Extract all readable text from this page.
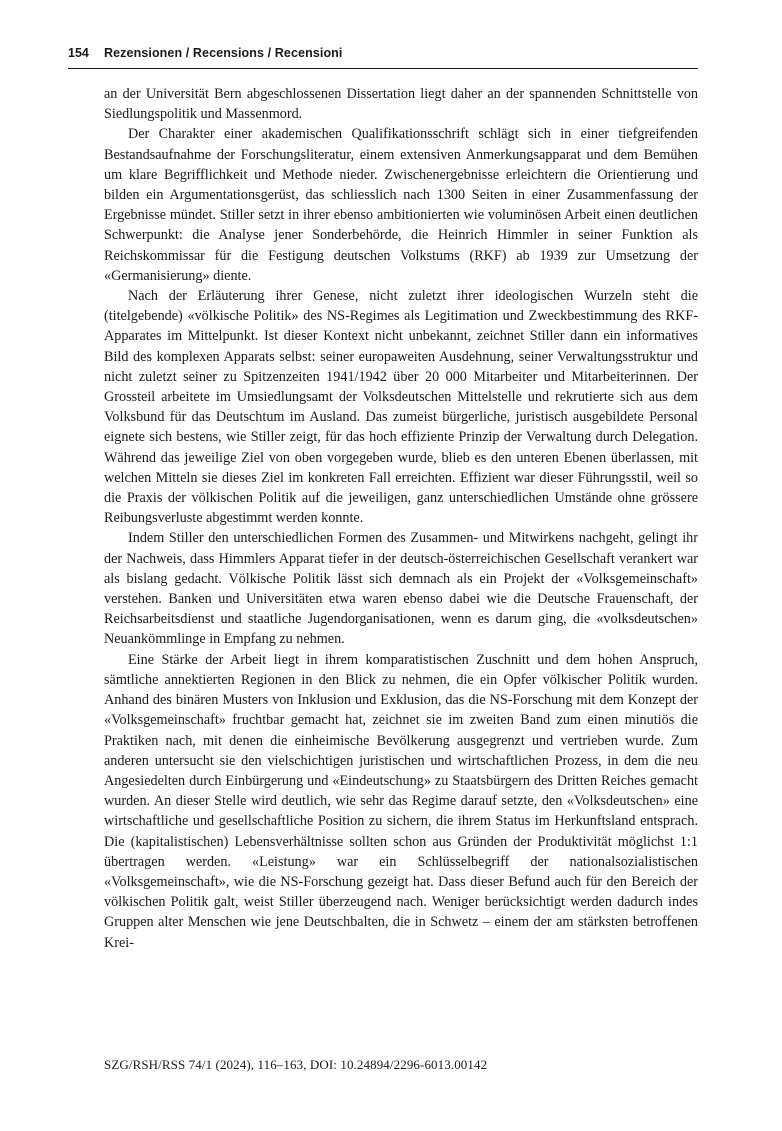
154	Rezensionen / Recensions / Recensioni

an der Universität Bern abgeschlossenen Dissertation liegt daher an der spannenden Schnittstelle von Siedlungspolitik und Massenmord.

Der Charakter einer akademischen Qualifikationsschrift schlägt sich in einer tiefgreifenden Bestandsaufnahme der Forschungsliteratur, einem extensiven Anmerkungsapparat und dem Bemühen um klare Begrifflichkeit und Methode nieder. Zwischenergebnisse erleichtern die Orientierung und bilden ein Argumentationsgerüst, das schliesslich nach 1300 Seiten in einer Zusammenfassung der Ergebnisse mündet. Stiller setzt in ihrer ebenso ambitionierten wie voluminösen Arbeit einen deutlichen Schwerpunkt: die Analyse jener Sonderbehörde, die Heinrich Himmler in seiner Funktion als Reichskommissar für die Festigung deutschen Volkstums (RKF) ab 1939 zur Umsetzung der «Germanisierung» diente.

Nach der Erläuterung ihrer Genese, nicht zuletzt ihrer ideologischen Wurzeln steht die (titelgebende) «völkische Politik» des NS-Regimes als Legitimation und Zweckbestimmung des RKF-Apparates im Mittelpunkt. Ist dieser Kontext nicht unbekannt, zeichnet Stiller dann ein informatives Bild des komplexen Apparats selbst: seiner europaweiten Ausdehnung, seiner Verwaltungsstruktur und nicht zuletzt seiner zu Spitzenzeiten 1941/1942 über 20 000 Mitarbeiter und Mitarbeiterinnen. Der Grossteil arbeitete im Umsiedlungsamt der Volksdeutschen Mittelstelle und rekrutierte sich aus dem Volksbund für das Deutschtum im Ausland. Das zumeist bürgerliche, juristisch ausgebildete Personal eignete sich bestens, wie Stiller zeigt, für das hoch effiziente Prinzip der Verwaltung durch Delegation. Während das jeweilige Ziel von oben vorgegeben wurde, blieb es den unteren Ebenen überlassen, mit welchen Mitteln sie dieses Ziel im konkreten Fall erreichten. Effizient war dieser Führungsstil, weil so die Praxis der völkischen Politik auf die jeweiligen, ganz unterschiedlichen Umstände ohne grössere Reibungsverluste abgestimmt werden konnte.

Indem Stiller den unterschiedlichen Formen des Zusammen- und Mitwirkens nachgeht, gelingt ihr der Nachweis, dass Himmlers Apparat tiefer in der deutsch-österreichischen Gesellschaft verankert war als bislang gedacht. Völkische Politik lässt sich demnach als ein Projekt der «Volksgemeinschaft» verstehen. Banken und Universitäten etwa waren ebenso dabei wie die Deutsche Frauenschaft, der Reichsarbeitsdienst und staatliche Jugendorganisationen, wenn es darum ging, die «volksdeutschen» Neuankömmlinge in Empfang zu nehmen.

Eine Stärke der Arbeit liegt in ihrem komparatistischen Zuschnitt und dem hohen Anspruch, sämtliche annektierten Regionen in den Blick zu nehmen, die ein Opfer völkischer Politik wurden. Anhand des binären Musters von Inklusion und Exklusion, das die NS-Forschung mit dem Konzept der «Volksgemeinschaft» fruchtbar gemacht hat, zeichnet sie im zweiten Band zum einen minutiös die Praktiken nach, mit denen die einheimische Bevölkerung ausgegrenzt und vertrieben wurde. Zum anderen untersucht sie den vielschichtigen juristischen und wirtschaftlichen Prozess, in dem die neu Angesiedelten durch Einbürgerung und «Eindeutschung» zu Staatsbürgern des Dritten Reiches gemacht wurden. An dieser Stelle wird deutlich, wie sehr das Regime darauf setzte, den «Volksdeutschen» eine wirtschaftliche und gesellschaftliche Position zu sichern, die ihrem Status im Herkunftsland entsprach. Die (kapitalistischen) Lebensverhältnisse sollten schon aus Gründen der Produktivität möglichst 1:1 übertragen werden. «Leistung» war ein Schlüsselbegriff der nationalsozialistischen «Volksgemeinschaft», wie die NS-Forschung gezeigt hat. Dass dieser Befund auch für den Bereich der völkischen Politik galt, weist Stiller überzeugend nach. Weniger berücksichtigt werden dadurch indes Gruppen alter Menschen wie jene Deutschbalten, die in Schwetz – einem der am stärksten betroffenen Krei-

SZG/RSH/RSS 74/1 (2024), 116–163, DOI: 10.24894/2296-6013.00142
